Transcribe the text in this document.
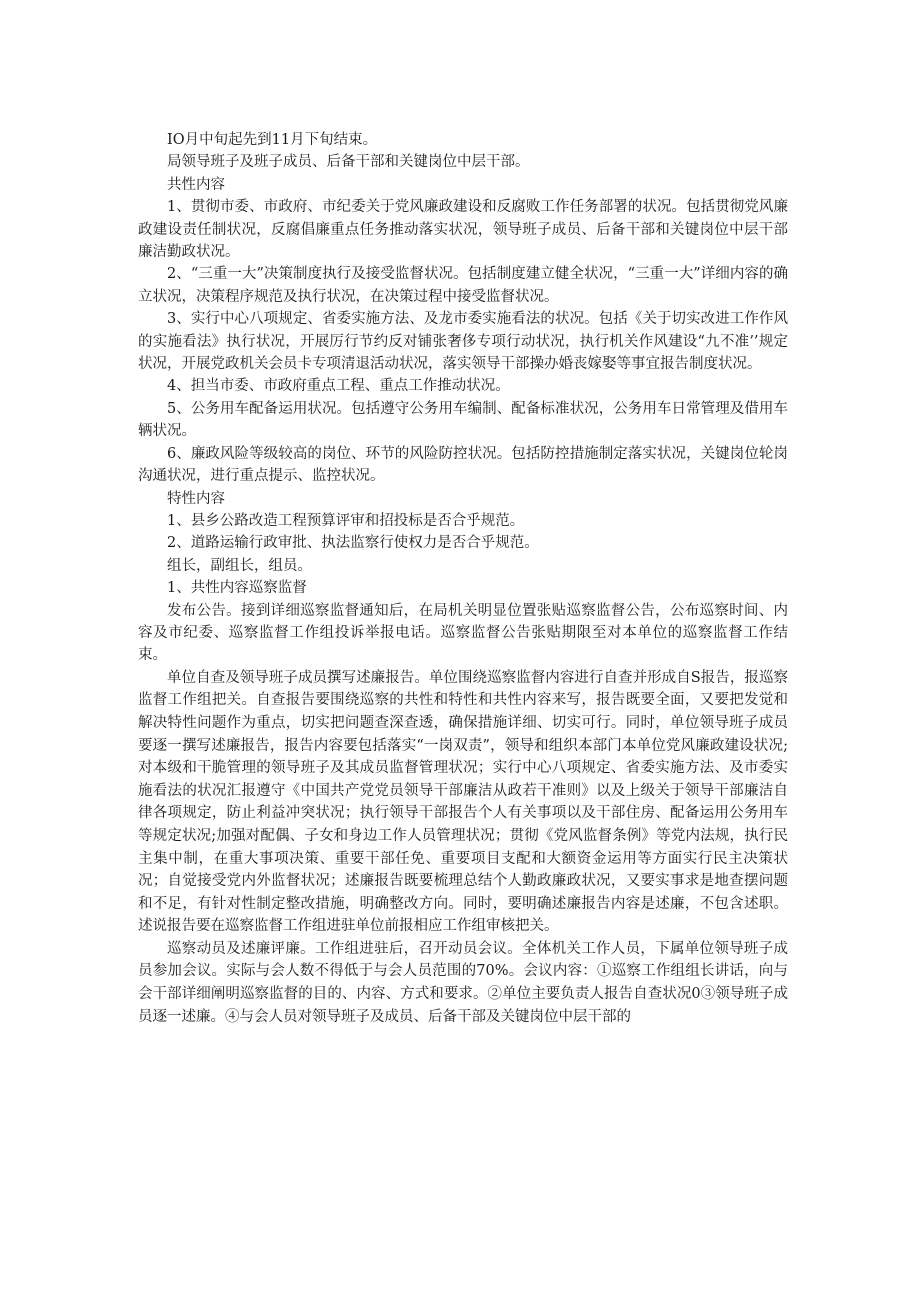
IO月中旬起先到11月下旬结束。

局领导班子及班子成员、后备干部和关键岗位中层干部。

共性内容

1、贯彻市委、市政府、市纪委关于党风廉政建设和反腐败工作任务部署的状况。包括贯彻党风廉政建设责任制状况，反腐倡廉重点任务推动落实状况，领导班子成员、后备干部和关键岗位中层干部廉洁勤政状况。

2、“三重一大”决策制度执行及接受监督状况。包括制度建立健全状况，“三重一大”详细内容的确立状况，决策程序规范及执行状况，在决策过程中接受监督状况。

3、实行中心八项规定、省委实施方法、及龙市委实施看法的状况。包括《关于切实改进工作作风的实施看法》执行状况，开展厉行节约反对铺张奢侈专项行动状况，执行机关作风建设“九不准’’规定状况，开展党政机关会员卡专项清退活动状况，落实领导干部操办婚丧嫁娶等事宜报告制度状况。

4、担当市委、市政府重点工程、重点工作推动状况。

5、公务用车配备运用状况。包括遵守公务用车编制、配备标准状况，公务用车日常管理及借用车辆状况。

6、廉政风险等级较高的岗位、环节的风险防控状况。包括防控措施制定落实状况，关键岗位轮岗沟通状况，进行重点提示、监控状况。

特性内容

1、县乡公路改造工程预算评审和招投标是否合乎规范。

2、道路运输行政审批、执法监察行使权力是否合乎规范。

组长，副组长，组员。

1、共性内容巡察监督

发布公告。接到详细巡察监督通知后，在局机关明显位置张贴巡察监督公告，公布巡察时间、内容及市纪委、巡察监督工作组投诉举报电话。巡察监督公告张贴期限至对本单位的巡察监督工作结束。

单位自查及领导班子成员撰写述廉报告。单位围绕巡察监督内容进行自查并形成自S报告，报巡察监督工作组把关。自查报告要围绕巡察的共性和特性和共性内容来写，报告既要全面，又要把发觉和解决特性问题作为重点，切实把问题查深查透，确保措施详细、切实可行。同时，单位领导班子成员要逐一撰写述廉报告，报告内容要包括落实“一岗双责”，领导和组织本部门本单位党风廉政建设状况;对本级和干脆管理的领导班子及其成员监督管理状况；实行中心八项规定、省委实施方法、及市委实施看法的状况汇报遵守《中国共产党党员领导干部廉洁从政若干准则》以及上级关于领导干部廉洁自律各项规定，防止利益冲突状况；执行领导干部报告个人有关事项以及干部住房、配备运用公务用车等规定状况;加强对配偶、子女和身边工作人员管理状况；贯彻《党风监督条例》等党内法规，执行民主集中制，在重大事项决策、重要干部任免、重要项目支配和大额资金运用等方面实行民主决策状况；自觉接受党内外监督状况；述廉报告既要梳理总结个人勤政廉政状况，又要实事求是地查摆问题和不足，有针对性制定整改措施，明确整改方向。同时，要明确述廉报告内容是述廉，不包含述职。述说报告要在巡察监督工作组进驻单位前报相应工作组审核把关。

巡察动员及述廉评廉。工作组进驻后，召开动员会议。全体机关工作人员，下属单位领导班子成员参加会议。实际与会人数不得低于与会人员范围的70%。会议内容：①巡察工作组组长讲话，向与会干部详细阐明巡察监督的目的、内容、方式和要求。②单位主要负责人报告自查状况0③领导班子成员逐一述廉。④与会人员对领导班子及成员、后备干部及关键岗位中层干部的
